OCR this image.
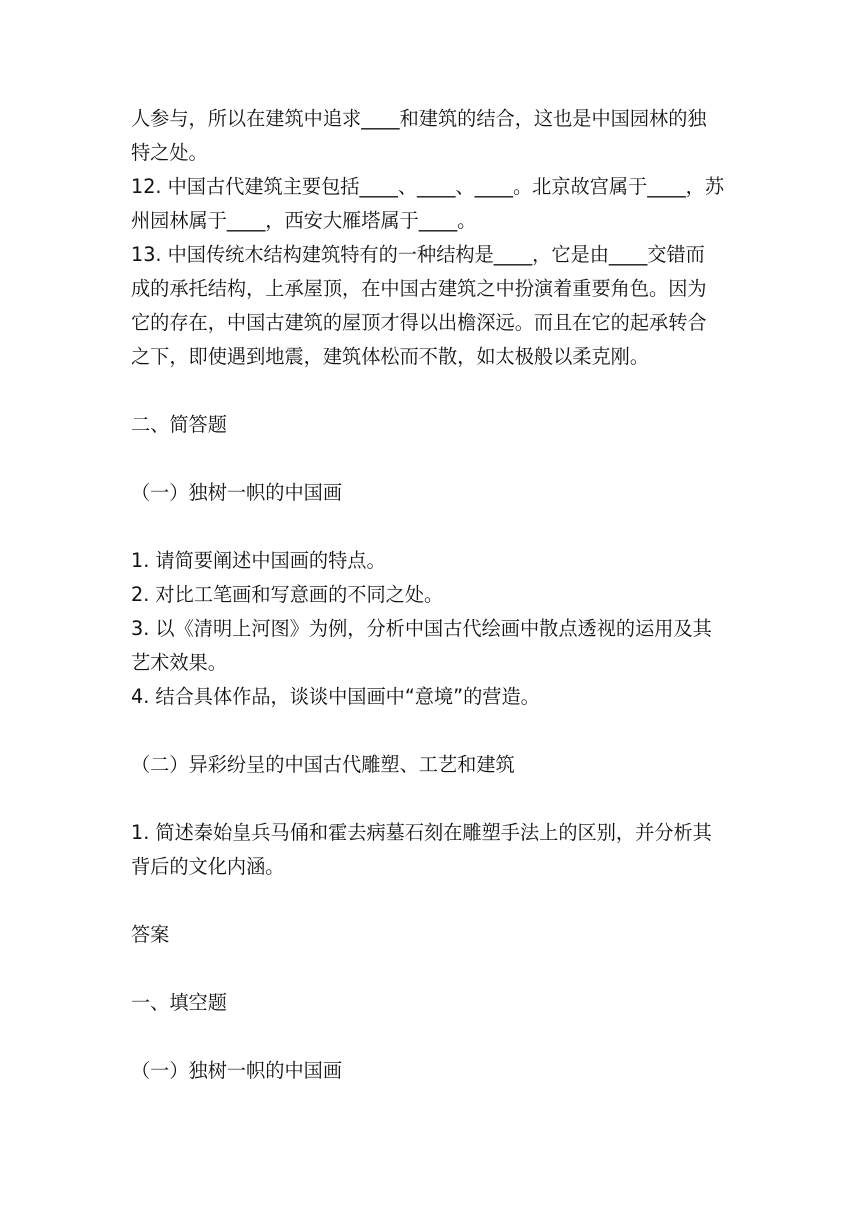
人参与，所以在建筑中追求____和建筑的结合，这也是中国园林的独
特之处。
12. 中国古代建筑主要包括____、____、____。北京故宫属于____，苏
州园林属于____，西安大雁塔属于____。
13. 中国传统木结构建筑特有的一种结构是____，它是由____交错而
成的承托结构，上承屋顶，在中国古建筑之中扮演着重要角色。因为
它的存在，中国古建筑的屋顶才得以出檐深远。而且在它的起承转合
之下，即使遇到地震，建筑体松而不散，如太极般以柔克刚。
二、简答题
（一）独树一帜的中国画
1. 请简要阐述中国画的特点。
2. 对比工笔画和写意画的不同之处。
3. 以《清明上河图》为例，分析中国古代绘画中散点透视的运用及其
艺术效果。
4. 结合具体作品，谈谈中国画中“意境”的营造。
（二）异彩纷呈的中国古代雕塑、工艺和建筑
1. 简述秦始皇兵马俑和霍去病墓石刻在雕塑手法上的区别，并分析其
背后的文化内涵。
答案
一、填空题
（一）独树一帜的中国画
